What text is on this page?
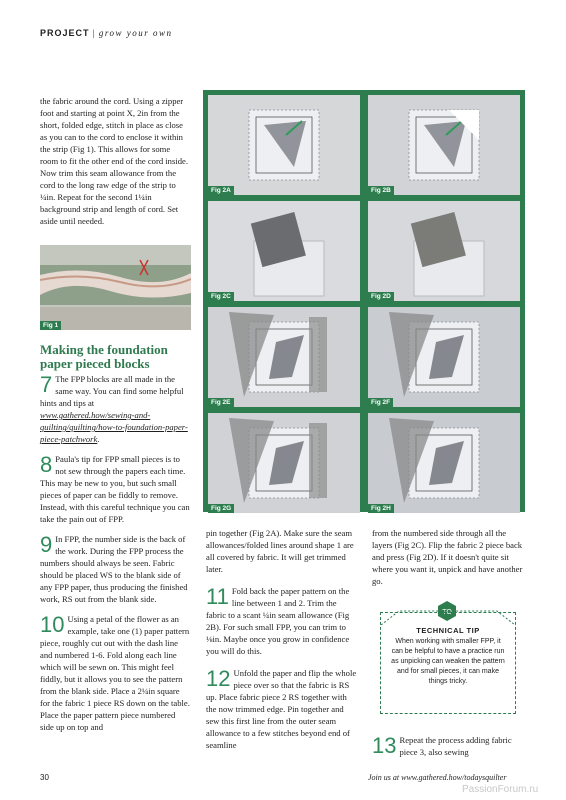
PROJECT | grow your own

the fabric around the cord. Using a zipper foot and starting at point X, 2in from the short, folded edge, stitch in place as close as you can to the cord to enclose it within the strip (Fig 1). This allows for some room to fit the other end of the cord inside. Now trim this seam allowance from the cord to the long raw edge of the strip to ¼in. Repeat for the second 1¼in background strip and length of cord. Set aside until needed.

Fig 1
Making the foundation paper pieced blocks

7 The FPP blocks are all made in the same way. You can find some helpful hints and tips at www.gathered.how/sewing-and-quilting/quilting/how-to-foundation-paper-piece-patchwork.

8 Paula's tip for FPP small pieces is to not sew through the papers each time. This may be new to you, but such small pieces of paper can be fiddly to remove. Instead, with this careful technique you can take the pain out of FPP.

9 In FPP, the number side is the back of the work. During the FPP process the numbers should always be seen. Fabric should be placed WS to the blank side of any FPP paper, thus producing the finished work, RS out from the blank side.

10 Using a petal of the flower as an example, take one (1) paper pattern piece, roughly cut out with the dash line and numbered 1-6. Fold along each line which will be sewn on. This might feel fiddly, but it allows you to see the pattern from the blank side. Place a 2¼in square for the fabric 1 piece RS down on the table. Place the paper pattern piece numbered side up on top and

Fig 2A	Fig 2B
Fig 2C	Fig 2D
Fig 2E	Fig 2F
Fig 2G	Fig 2H

pin together (Fig 2A). Make sure the seam allowances/folded lines around shape 1 are all covered by fabric. It will get trimmed later.

11 Fold back the paper pattern on the line between 1 and 2. Trim the fabric to a scant ¼in seam allowance (Fig 2B). For such small FPP, you can trim to ⅛in. Maybe once you grow in confidence you will do this.

12 Unfold the paper and flip the whole piece over so that the fabric is RS up. Place fabric piece 2 RS together with the now trimmed edge. Pin together and sew this first line from the outer seam allowance to a few stitches beyond end of seamline

from the numbered side through all the layers (Fig 2C). Flip the fabric 2 piece back and press (Fig 2D). If it doesn't quite sit where you want it, unpick and have another go.

TO
TECHNICAL TIP
When working with smaller FPP, it can be helpful to have a practice run as unpicking can weaken the pattern and for small pieces, it can make things tricky.

13 Repeat the process adding fabric piece 3, also sewing

30	Join us at www.gathered.how/todaysquilter
PassionForum.ru
